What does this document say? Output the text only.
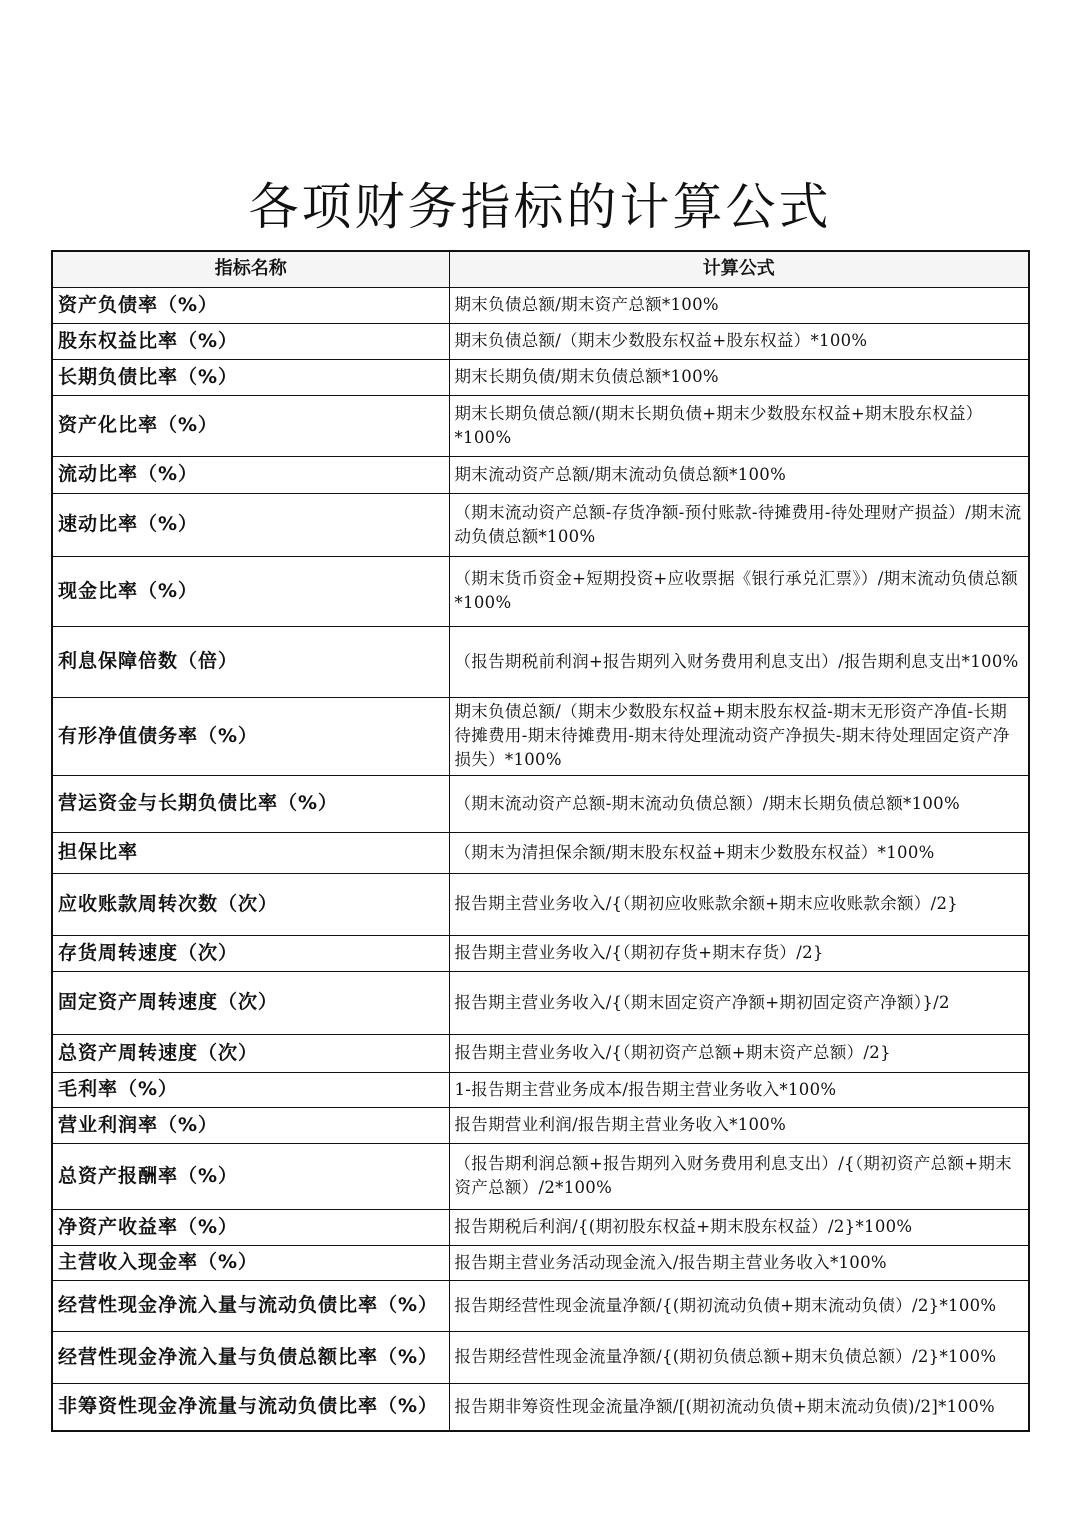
各项财务指标的计算公式
指标名称	计算公式
资产负债率（%）	期末负债总额/期末资产总额*100%
股东权益比率（%）	期末负债总额/（期末少数股东权益+股东权益）*100%
长期负债比率（%）	期末长期负债/期末负债总额*100%
资产化比率（%）	期末长期负债总额/(期末长期负债+期末少数股东权益+期末股东权益）*100%
流动比率（%）	期末流动资产总额/期末流动负债总额*100%
速动比率（%）	（期末流动资产总额-存货净额-预付账款-待摊费用-待处理财产损益）/期末流动负债总额*100%
现金比率（%）	（期末货币资金+短期投资+应收票据《银行承兑汇票》）/期末流动负债总额*100%
利息保障倍数（倍）	（报告期税前利润+报告期列入财务费用利息支出）/报告期利息支出*100%
有形净值债务率（%）	期末负债总额/（期末少数股东权益+期末股东权益-期末无形资产净值-长期待摊费用-期末待摊费用-期末待处理流动资产净损失-期末待处理固定资产净损失）*100%
营运资金与长期负债比率（%）	（期末流动资产总额-期末流动负债总额）/期末长期负债总额*100%
担保比率	（期末为清担保余额/期末股东权益+期末少数股东权益）*100%
应收账款周转次数（次）	报告期主营业务收入/{（期初应收账款余额+期末应收账款余额）/2}
存货周转速度（次）	报告期主营业务收入/{（期初存货+期末存货）/2}
固定资产周转速度（次）	报告期主营业务收入/{（期末固定资产净额+期初固定资产净额）}/2
总资产周转速度（次）	报告期主营业务收入/{（期初资产总额+期末资产总额）/2}
毛利率（%）	1-报告期主营业务成本/报告期主营业务收入*100%
营业利润率（%）	报告期营业利润/报告期主营业务收入*100%
总资产报酬率（%）	（报告期利润总额+报告期列入财务费用利息支出）/{（期初资产总额+期末资产总额）/2*100%
净资产收益率（%）	报告期税后利润/{(期初股东权益+期末股东权益）/2}*100%
主营收入现金率（%）	报告期主营业务活动现金流入/报告期主营业务收入*100%
经营性现金净流入量与流动负债比率（%）	报告期经营性现金流量净额/{(期初流动负债+期末流动负债）/2}*100%
经营性现金净流入量与负债总额比率（%）	报告期经营性现金流量净额/{(期初负债总额+期末负债总额）/2}*100%
非筹资性现金净流量与流动负债比率（%）	报告期非筹资性现金流量净额/[(期初流动负债+期末流动负债)/2]*100%
